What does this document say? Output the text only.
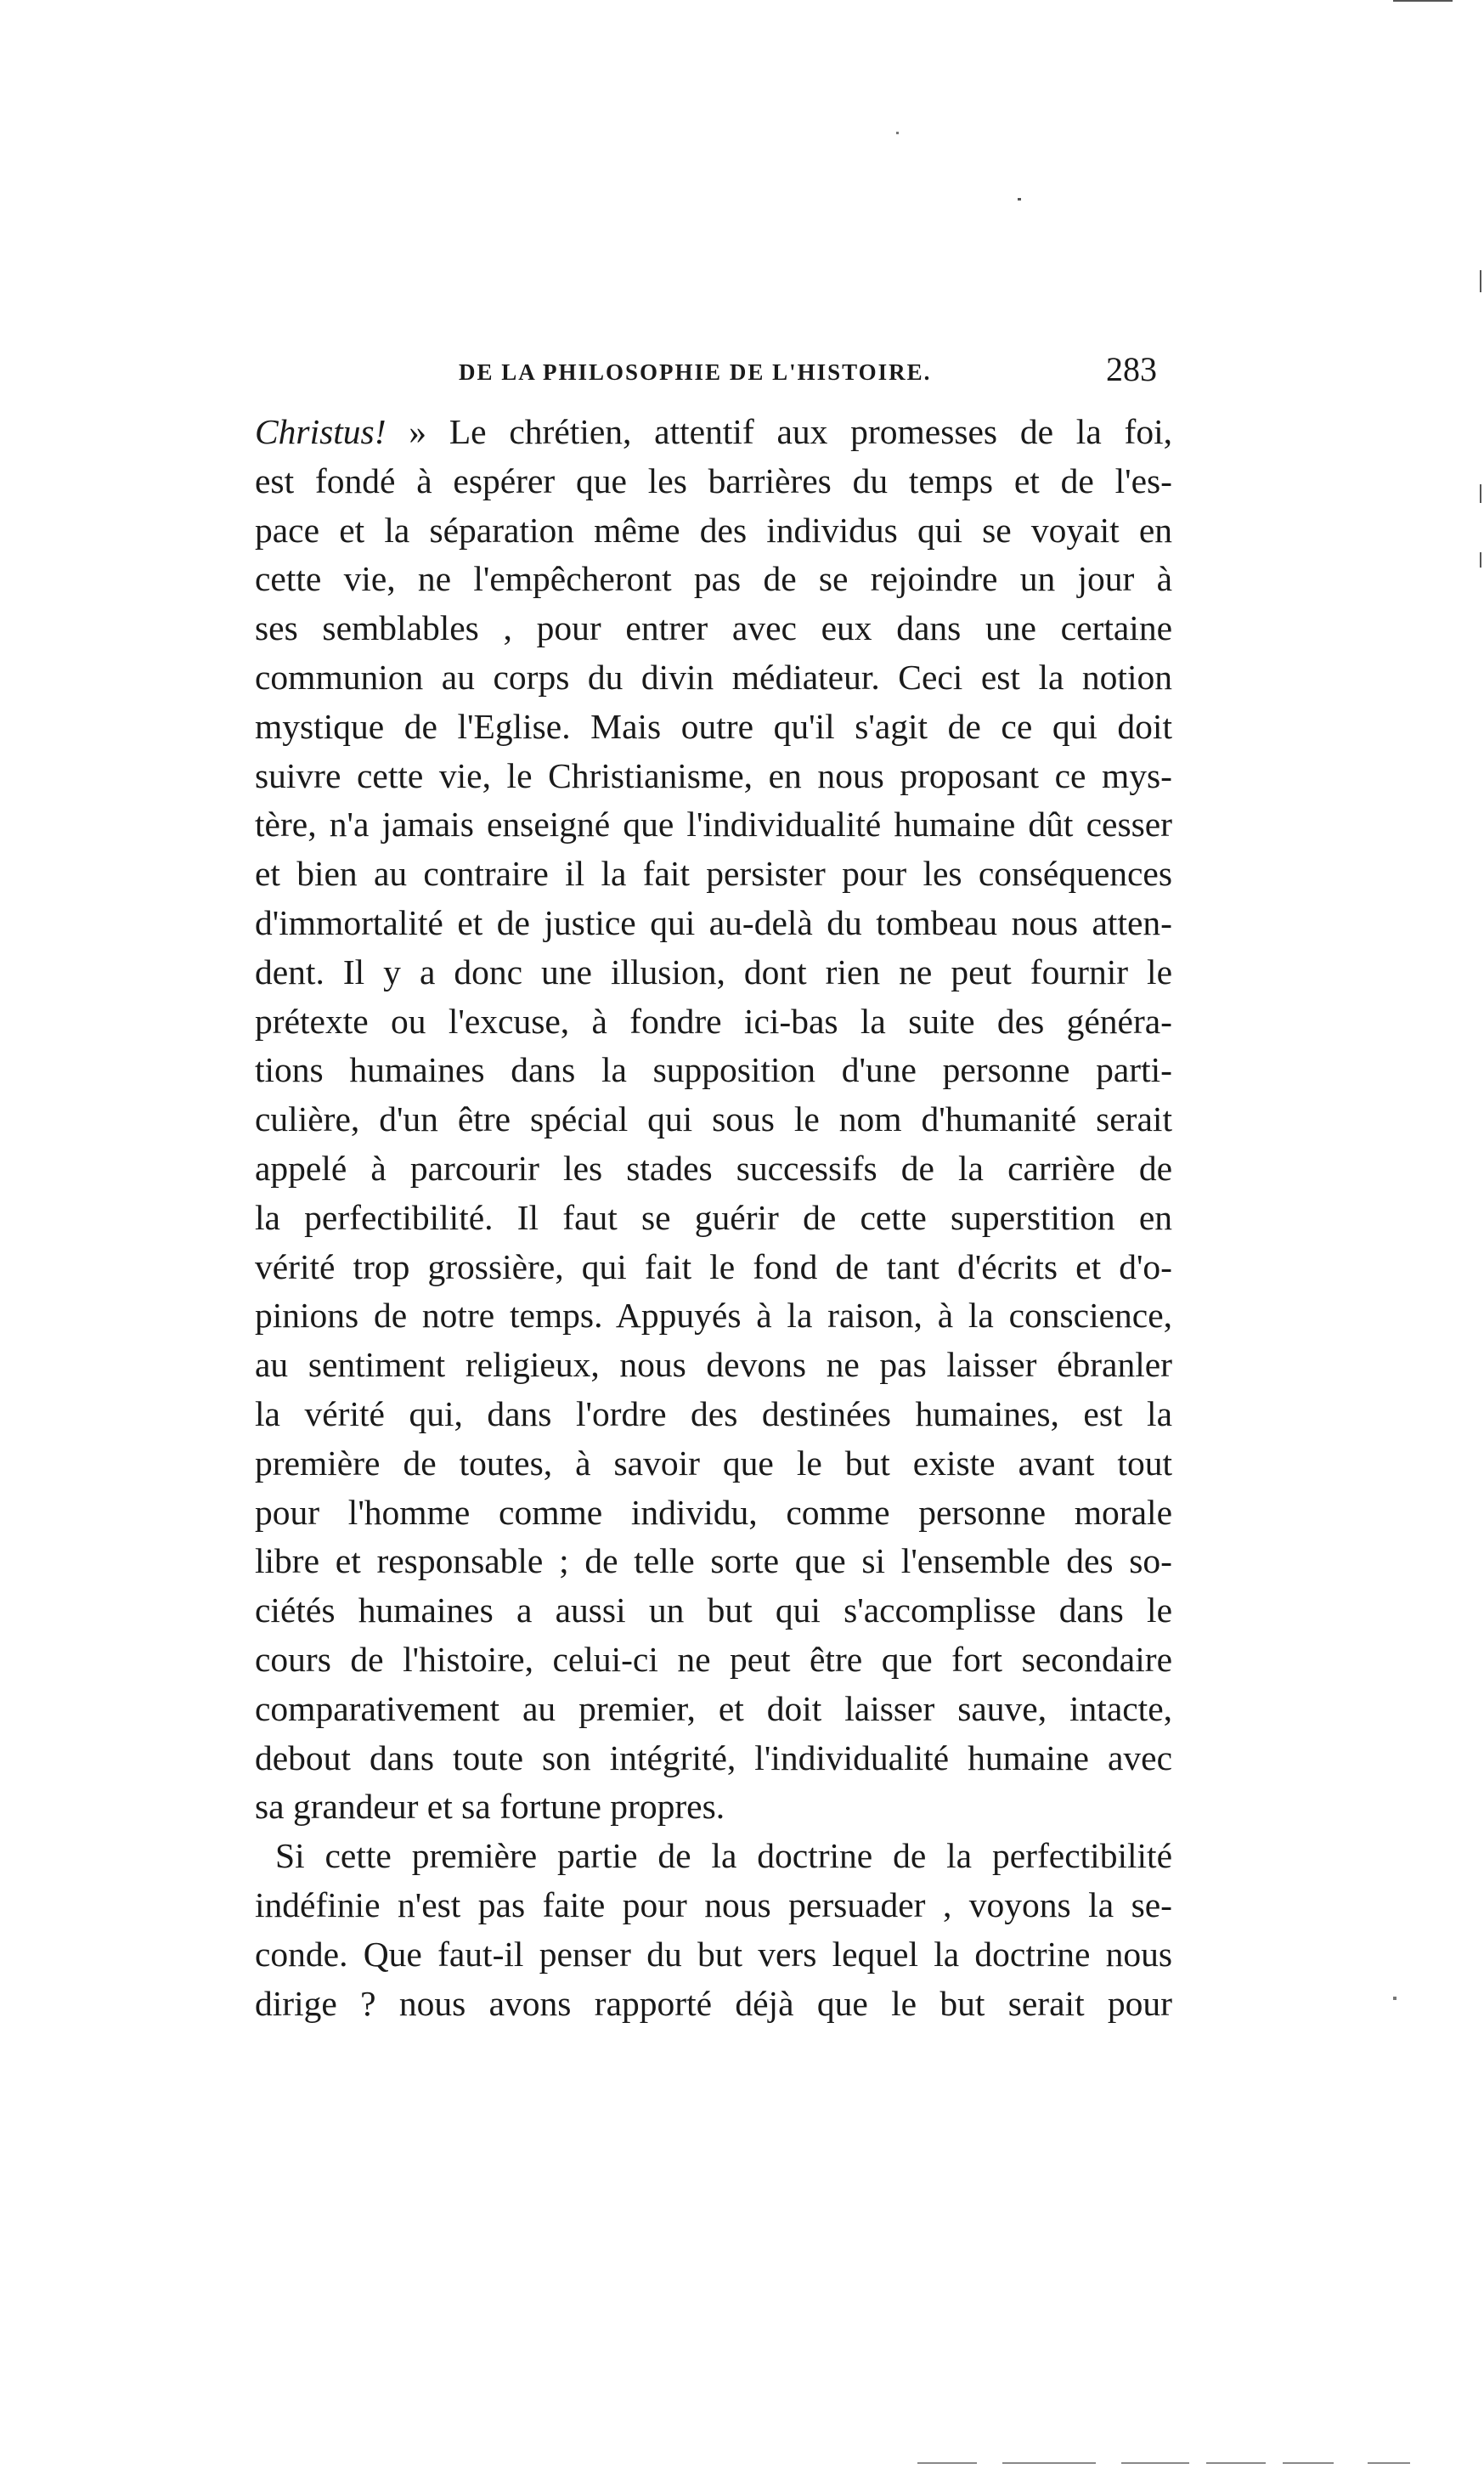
DE LA PHILOSOPHIE DE L'HISTOIRE.	283

Christus! » Le chrétien, attentif aux promesses de la foi,

est fondé à espérer que les barrières du temps et de l'es-

pace et la séparation même des individus qui se voyait en

cette vie, ne l'empêcheront pas de se rejoindre un jour à

ses semblables , pour entrer avec eux dans une certaine

communion au corps du divin médiateur. Ceci est la notion

mystique de l'Eglise. Mais outre qu'il s'agit de ce qui doit

suivre cette vie, le Christianisme, en nous proposant ce mys-

tère, n'a jamais enseigné que l'individualité humaine dût cesser

et bien au contraire il la fait persister pour les conséquences

d'immortalité et de justice qui au-delà du tombeau nous atten-

dent. Il y a donc une illusion, dont rien ne peut fournir le

prétexte ou l'excuse, à fondre ici-bas la suite des généra-

tions humaines dans la supposition d'une personne parti-

culière, d'un être spécial qui sous le nom d'humanité serait

appelé à parcourir les stades successifs de la carrière de

la perfectibilité. Il faut se guérir de cette superstition en

vérité trop grossière, qui fait le fond de tant d'écrits et d'o-

pinions de notre temps. Appuyés à la raison, à la conscience,

au sentiment religieux, nous devons ne pas laisser ébranler

la vérité qui, dans l'ordre des destinées humaines, est la

première de toutes, à savoir que le but existe avant tout

pour l'homme comme individu, comme personne morale

libre et responsable ; de telle sorte que si l'ensemble des so-

ciétés humaines a aussi un but qui s'accomplisse dans le

cours de l'histoire, celui-ci ne peut être que fort secondaire

comparativement au premier, et doit laisser sauve, intacte,

debout dans toute son intégrité, l'individualité humaine avec

sa grandeur et sa fortune propres.

Si cette première partie de la doctrine de la perfectibilité

indéfinie n'est pas faite pour nous persuader , voyons la se-

conde. Que faut-il penser du but vers lequel la doctrine nous

dirige ? nous avons rapporté déjà que le but serait pour
